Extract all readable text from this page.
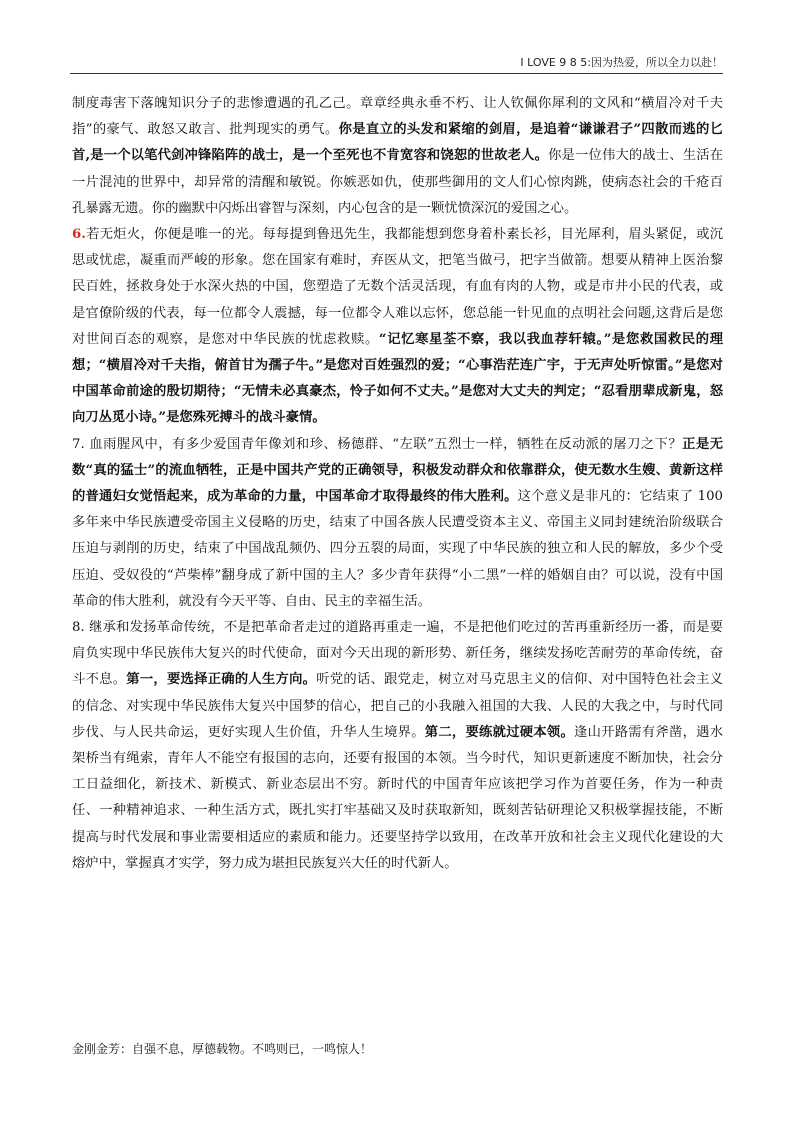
I LOVE 9 8 5:因为热爱，所以全力以赴！

制度毒害下落魄知识分子的悲惨遭遇的孔乙己。章章经典永垂不朽、让人钦佩你犀利的文风和“横眉冷对千夫指”的豪气、敢怒又敢言、批判现实的勇气。你是直立的头发和紧缩的剑眉，是追着“谦谦君子”四散而逃的匕首,是一个以笔代剑冲锋陷阵的战士，是一个至死也不肯宽容和饶恕的世故老人。你是一位伟大的战士、生活在一片混沌的世界中，却异常的清醒和敏锐。你嫉恶如仇，使那些御用的文人们心惊肉跳，使病态社会的千疮百孔暴露无遗。你的幽默中闪烁出睿智与深刻，内心包含的是一颗忧愤深沉的爱国之心。

6.若无炬火，你便是唯一的光。每每提到鲁迅先生，我都能想到您身着朴素长衫，目光犀利，眉头紧促，或沉思或忧虑，凝重而严峻的形象。您在国家有难时，弃医从文，把笔当做弓，把字当做箭。想要从精神上医治黎民百姓，拯救身处于水深火热的中国，您塑造了无数个活灵活现，有血有肉的人物，或是市井小民的代表，或是官僚阶级的代表，每一位都令人震撼，每一位都令人难以忘怀，您总能一针见血的点明社会问题,这背后是您对世间百态的观察，是您对中华民族的忧虑救赎。“记忆寒星荃不察，我以我血荐轩辕。”是您救国救民的理想；“横眉冷对千夫指，俯首甘为孺子牛。”是您对百姓强烈的爱；“心事浩茫连广宇，于无声处听惊雷。”是您对中国革命前途的殷切期待；“无情未必真豪杰，怜子如何不丈夫。”是您对大丈夫的判定；“忍看朋辈成新鬼，怒向刀丛觅小诗。”是您殊死搏斗的战斗豪情。

7. 血雨腥风中，有多少爱国青年像刘和珍、杨德群、“左联”五烈士一样，牺牲在反动派的屠刀之下？正是无数“真的猛士”的流血牺牲，正是中国共产党的正确领导，积极发动群众和依靠群众，使无数水生嫂、黄新这样的普通妇女觉悟起来，成为革命的力量，中国革命才取得最终的伟大胜利。这个意义是非凡的：它结束了 100 多年来中华民族遭受帝国主义侵略的历史，结束了中国各族人民遭受资本主义、帝国主义同封建统治阶级联合压迫与剥削的历史，结束了中国战乱频仍、四分五裂的局面，实现了中华民族的独立和人民的解放，多少个受压迫、受奴役的“芦柴棒”翻身成了新中国的主人？多少青年获得“小二黑”一样的婚姻自由？可以说，没有中国革命的伟大胜利，就没有今天平等、自由、民主的幸福生活。

8. 继承和发扬革命传统，不是把革命者走过的道路再重走一遍，不是把他们吃过的苦再重新经历一番，而是要肩负实现中华民族伟大复兴的时代使命，面对今天出现的新形势、新任务，继续发扬吃苦耐劳的革命传统，奋斗不息。第一，要选择正确的人生方向。听党的话、跟党走，树立对马克思主义的信仰、对中国特色社会主义的信念、对实现中华民族伟大复兴中国梦的信心，把自己的小我融入祖国的大我、人民的大我之中，与时代同步伐、与人民共命运，更好实现人生价值，升华人生境界。第二，要练就过硬本领。逢山开路需有斧凿，遇水架桥当有绳索，青年人不能空有报国的志向，还要有报国的本领。当今时代，知识更新速度不断加快，社会分工日益细化，新技术、新模式、新业态层出不穷。新时代的中国青年应该把学习作为首要任务，作为一种责任、一种精神追求、一种生活方式，既扎实打牢基础又及时获取新知，既刻苦钻研理论又积极掌握技能，不断提高与时代发展和事业需要相适应的素质和能力。还要坚持学以致用，在改革开放和社会主义现代化建设的大熔炉中，掌握真才实学，努力成为堪担民族复兴大任的时代新人。

金刚金芳：自强不息，厚德载物。不鸣则已，一鸣惊人！
